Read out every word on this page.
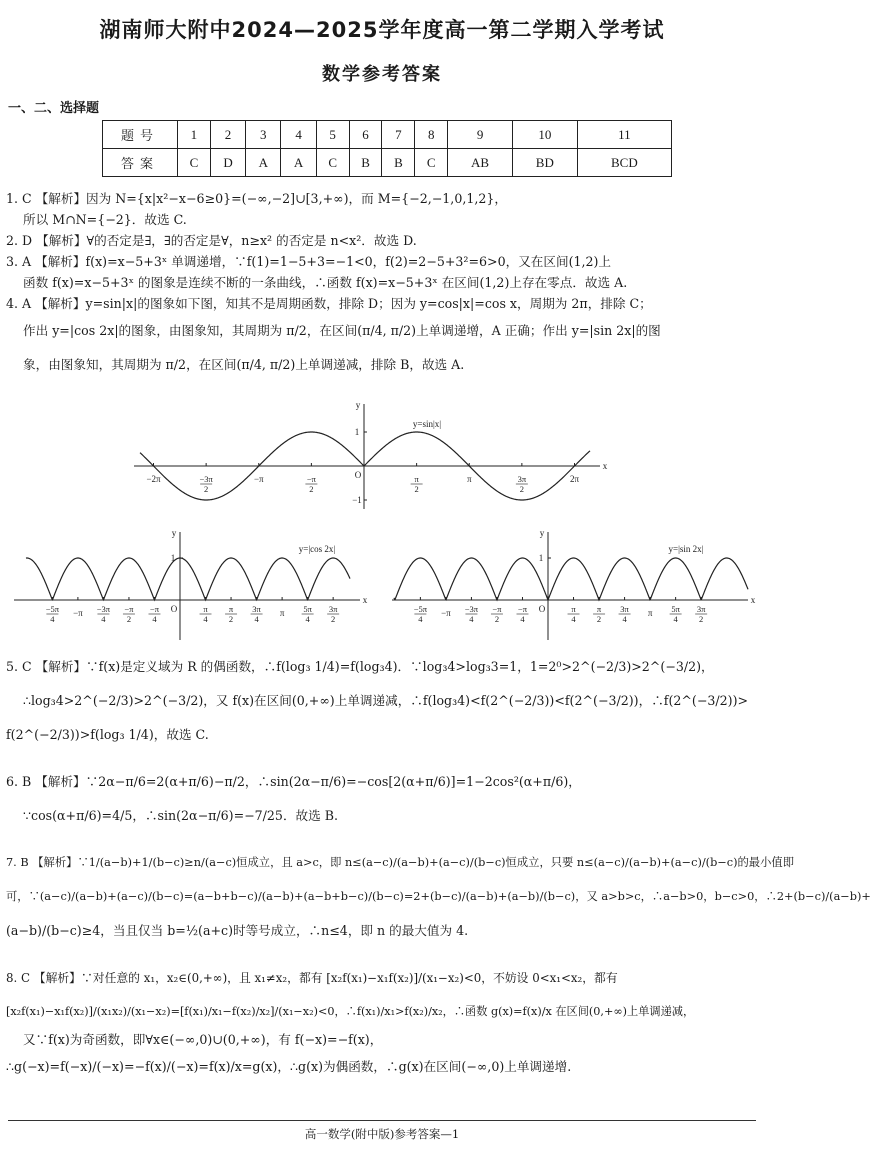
湖南师大附中2024—2025学年度高一第二学期入学考试
数学参考答案
一、二、选择题
题号	1	2	3	4	5	6	7	8	9	10	11
答案	C	D	A	A	C	B	B	C	AB	BD	BCD

1. C 【解析】因为 N={x|x²−x−6≥0}=(−∞,−2]∪[3,+∞)，而 M={−2,−1,0,1,2}，

所以 M∩N={−2}．故选 C.

2. D 【解析】∀的否定是∃，∃的否定是∀，n≥x² 的否定是 n<x²．故选 D.

3. A 【解析】f(x)=x−5+3ˣ 单调递增，∵f(1)=1−5+3=−1<0，f(2)=2−5+3²=6>0，又在区间(1,2)上

函数 f(x)=x−5+3ˣ 的图象是连续不断的一条曲线，∴函数 f(x)=x−5+3ˣ 在区间(1,2)上存在零点．故选 A.

4. A 【解析】y=sin|x|的图象如下图，知其不是周期函数，排除 D；因为 y=cos|x|=cos x，周期为 2π，排除 C；

作出 y=|cos 2x|的图象，由图象知，其周期为 π/2，在区间(π/4, π/2)上单调递增，A 正确；作出 y=|sin 2x|的图

象，由图象知，其周期为 π/2，在区间(π/4, π/2)上单调递减，排除 B，故选 A.

x
y
y=sin|x|
−2π	−3π
2
−π	−π
2
O	π
2
π	3π
2
2π
1
−1
x
y
y=|cos 2x|
−5π
4
−π −3π
4
−π
2
−π
4
O	π
4
π
2
3π
4
π 5π
4
3π
2
1
x
y
y=|sin 2x|
−5π
4
−π −3π
4
−π
2
−π
4
O	π
4
π
2
3π
4
π 5π
4
3π
2
1

5. C 【解析】∵f(x)是定义域为 R 的偶函数，∴f(log₃ 1/4)=f(log₃4)．∵log₃4>log₃3=1，1=2⁰>2^(−2/3)>2^(−3/2)，

∴log₃4>2^(−2/3)>2^(−3/2)，又 f(x)在区间(0,+∞)上单调递减，∴f(log₃4)<f(2^(−2/3))<f(2^(−3/2))，∴f(2^(−3/2))>

f(2^(−2/3))>f(log₃ 1/4)，故选 C.

6. B 【解析】∵2α−π/6=2(α+π/6)−π/2，∴sin(2α−π/6)=−cos[2(α+π/6)]=1−2cos²(α+π/6)，

∵cos(α+π/6)=4/5，∴sin(2α−π/6)=−7/25．故选 B.

7. B 【解析】∵1/(a−b)+1/(b−c)≥n/(a−c)恒成立，且 a>c，即 n≤(a−c)/(a−b)+(a−c)/(b−c)恒成立，只要 n≤(a−c)/(a−b)+(a−c)/(b−c)的最小值即

可，∵(a−c)/(a−b)+(a−c)/(b−c)=(a−b+b−c)/(a−b)+(a−b+b−c)/(b−c)=2+(b−c)/(a−b)+(a−b)/(b−c)，又 a>b>c，∴a−b>0，b−c>0，∴2+(b−c)/(a−b)+

(a−b)/(b−c)≥4，当且仅当 b=½(a+c)时等号成立，∴n≤4，即 n 的最大值为 4.

8. C 【解析】∵对任意的 x₁，x₂∈(0,+∞)，且 x₁≠x₂，都有 [x₂f(x₁)−x₁f(x₂)]/(x₁−x₂)<0，不妨设 0<x₁<x₂，都有

[x₂f(x₁)−x₁f(x₂)]/(x₁x₂)/(x₁−x₂)=[f(x₁)/x₁−f(x₂)/x₂]/(x₁−x₂)<0，∴f(x₁)/x₁>f(x₂)/x₂，∴函数 g(x)=f(x)/x 在区间(0,+∞)上单调递减，

又∵f(x)为奇函数，即∀x∈(−∞,0)∪(0,+∞)，有 f(−x)=−f(x)，

∴g(−x)=f(−x)/(−x)=−f(x)/(−x)=f(x)/x=g(x)，∴g(x)为偶函数，∴g(x)在区间(−∞,0)上单调递增.

高一数学(附中版)参考答案—1
